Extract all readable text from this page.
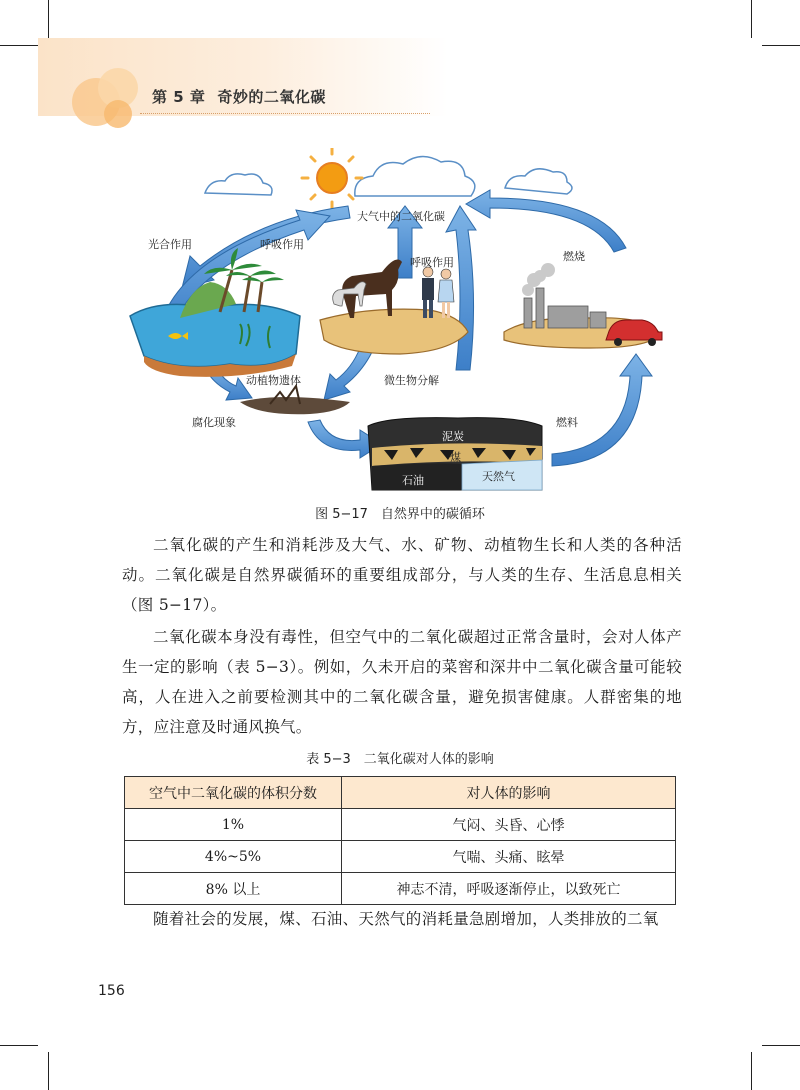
第 5 章 奇妙的二氧化碳
大气中的二氧化碳
光合作用	呼吸作用
呼吸作用	燃烧
动植物遗体	微生物分解
腐化现象	燃料
泥炭
煤
石油	天然气
图 5−17　自然界中的碳循环

二氧化碳的产生和消耗涉及大气、水、矿物、动植物生长和人类的各种活动。二氧化碳是自然界碳循环的重要组成部分，与人类的生存、生活息息相关（图 5−17）。

二氧化碳本身没有毒性，但空气中的二氧化碳超过正常含量时，会对人体产生一定的影响（表 5−3）。例如，久未开启的菜窖和深井中二氧化碳含量可能较高，人在进入之前要检测其中的二氧化碳含量，避免损害健康。人群密集的地方，应注意及时通风换气。

表 5−3　二氧化碳对人体的影响
空气中二氧化碳的体积分数	对人体的影响
1%	气闷、头昏、心悸
4%~5%	气喘、头痛、眩晕
8% 以上	神志不清，呼吸逐渐停止，以致死亡

随着社会的发展，煤、石油、天然气的消耗量急剧增加，人类排放的二氧

156
